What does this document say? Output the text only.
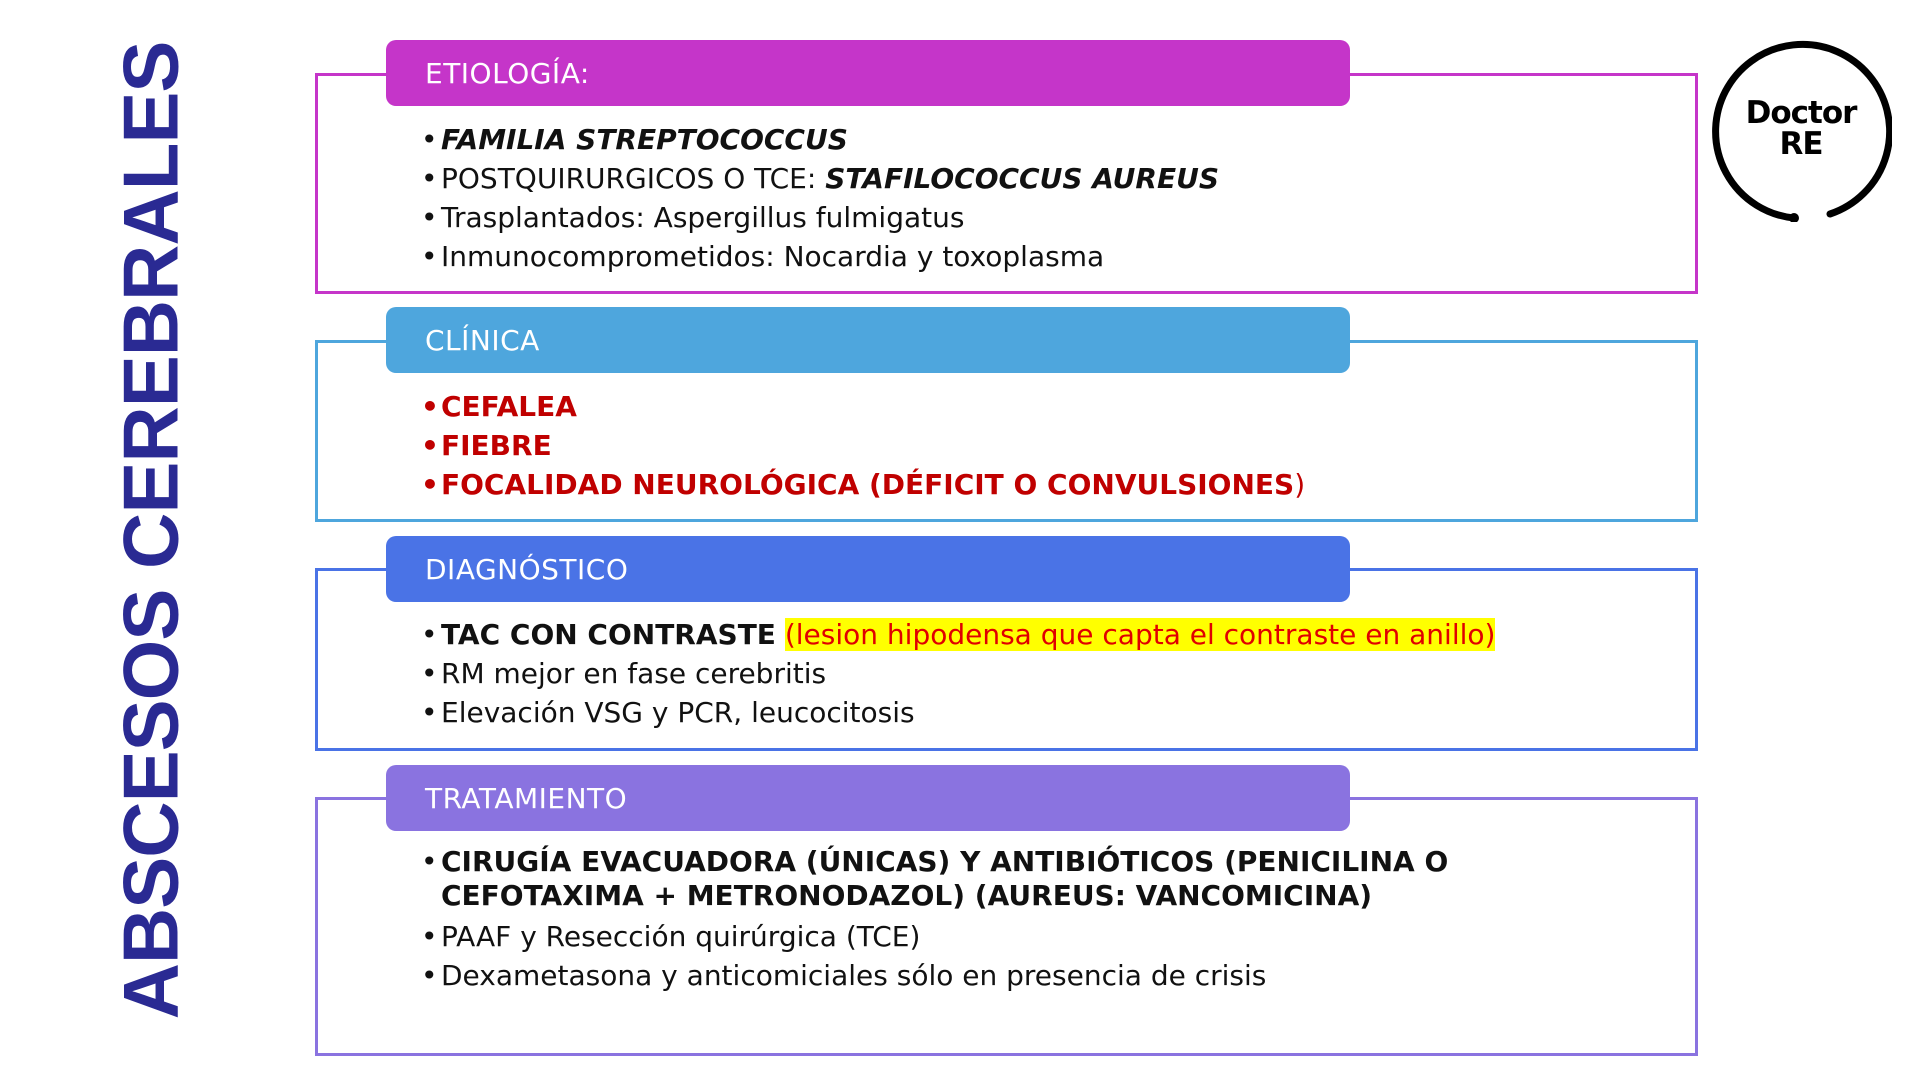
ABSCESOS CEREBRALES	Doctor
RE
ETIOLOGÍA:
• FAMILIA STREPTOCOCCUS
• POSTQUIRURGICOS O TCE: STAFILOCOCCUS AUREUS
• Trasplantados: Aspergillus fulmigatus
• Inmunocomprometidos: Nocardia y toxoplasma
CLÍNICA
•CEFALEA
•FIEBRE
•FOCALIDAD NEUROLÓGICA (DÉFICIT O CONVULSIONES)
DIAGNÓSTICO
• TAC CON CONTRASTE (lesion hipodensa que capta el contraste en anillo)
• RM mejor en fase cerebritis
• Elevación VSG y PCR, leucocitosis
TRATAMIENTO
• CIRUGÍA EVACUADORA (ÚNICAS) Y ANTIBIÓTICOS (PENICILINA O
CEFOTAXIMA + METRONODAZOL) (AUREUS: VANCOMICINA)
• PAAF y Resección quirúrgica (TCE)
• Dexametasona y anticomiciales sólo en presencia de crisis
